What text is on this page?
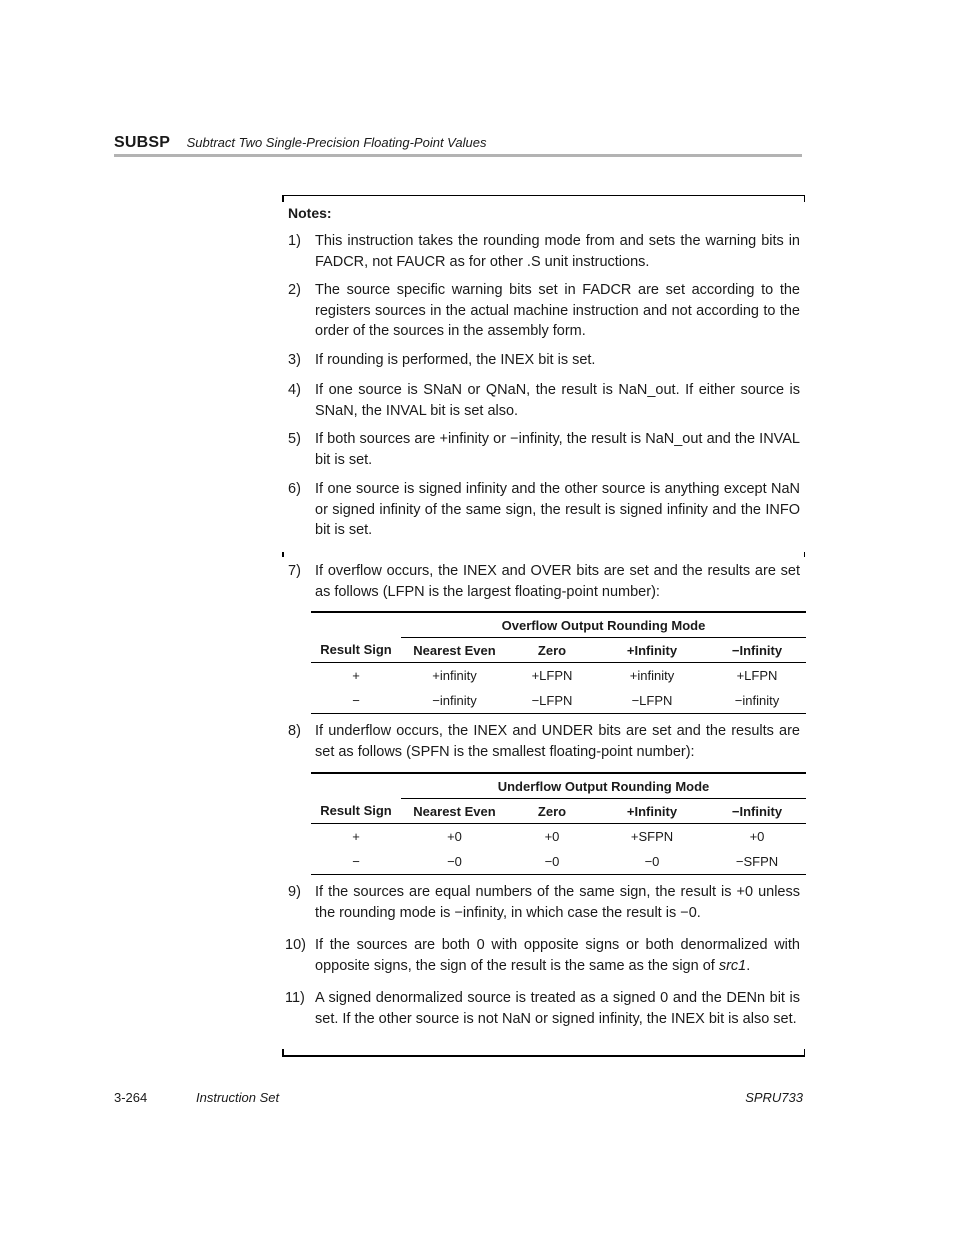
SUBSP Subtract Two Single-Precision Floating-Point Values
Notes:
1) This instruction takes the rounding mode from and sets the warning bits in FADCR, not FAUCR as for other .S unit instructions.
2) The source specific warning bits set in FADCR are set according to the registers sources in the actual machine instruction and not according to the order of the sources in the assembly form.
3) If rounding is performed, the INEX bit is set.
4) If one source is SNaN or QNaN, the result is NaN_out. If either source is SNaN, the INVAL bit is set also.
5) If both sources are +infinity or −infinity, the result is NaN_out and the INVAL bit is set.
6) If one source is signed infinity and the other source is anything except NaN or signed infinity of the same sign, the result is signed infinity and the INFO bit is set.
7) If overflow occurs, the INEX and OVER bits are set and the results are set as follows (LFPN is the largest floating-point number):
	Overflow Output Rounding Mode			
Result Sign	Nearest Even	Zero	+Infinity	−Infinity
+	+infinity	+LFPN	+infinity	+LFPN
−	−infinity	−LFPN	−LFPN	−infinity
8) If underflow occurs, the INEX and UNDER bits are set and the results are set as follows (SPFN is the smallest floating-point number):
	Underflow Output Rounding Mode			
Result Sign	Nearest Even	Zero	+Infinity	−Infinity
+	+0	+0	+SFPN	+0
−	−0	−0	−0	−SFPN
9) If the sources are equal numbers of the same sign, the result is +0 unless the rounding mode is −infinity, in which case the result is −0.
10) If the sources are both 0 with opposite signs or both denormalized with opposite signs, the sign of the result is the same as the sign of src1.
11) A signed denormalized source is treated as a signed 0 and the DENn bit is set. If the other source is not NaN or signed infinity, the INEX bit is also set.
3-264	Instruction Set	SPRU733
